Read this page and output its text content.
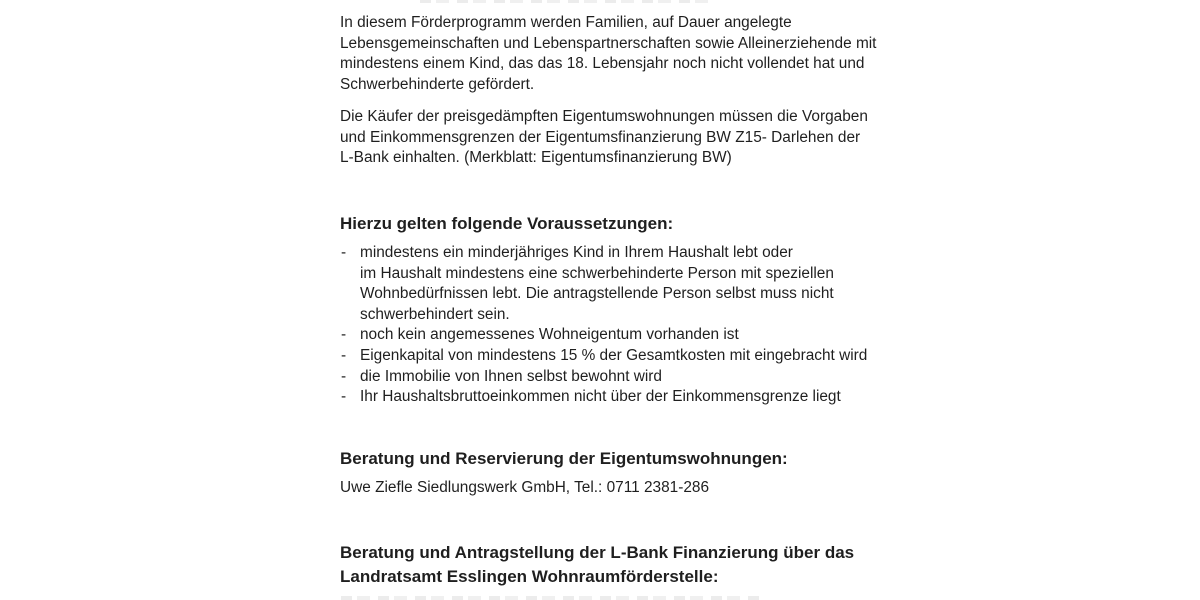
In diesem Förderprogramm werden Familien, auf Dauer angelegte
Lebensgemeinschaften und Lebenspartnerschaften sowie Alleinerziehende mit
mindestens einem Kind, das das 18. Lebensjahr noch nicht vollendet hat und
Schwerbehinderte gefördert.
Die Käufer der preisgedämpften Eigentumswohnungen müssen die Vorgaben
und Einkommensgrenzen der Eigentumsfinanzierung BW Z15- Darlehen der
L-Bank einhalten. (Merkblatt: Eigentumsfinanzierung BW)
Hierzu gelten folgende Voraussetzungen:
- mindestens ein minderjähriges Kind in Ihrem Haushalt lebt oder
im Haushalt mindestens eine schwerbehinderte Person mit speziellen
Wohnbedürfnissen lebt. Die antragstellende Person selbst muss nicht
schwerbehindert sein.
- noch kein angemessenes Wohneigentum vorhanden ist
- Eigenkapital von mindestens 15 % der Gesamtkosten mit eingebracht wird
- die Immobilie von Ihnen selbst bewohnt wird
- Ihr Haushaltsbruttoeinkommen nicht über der Einkommensgrenze liegt
Beratung und Reservierung der Eigentumswohnungen:
Uwe Ziefle Siedlungswerk GmbH, Tel.: 0711 2381-286
Beratung und Antragstellung der L-Bank Finanzierung über das
Landratsamt Esslingen Wohnraumförderstelle:
